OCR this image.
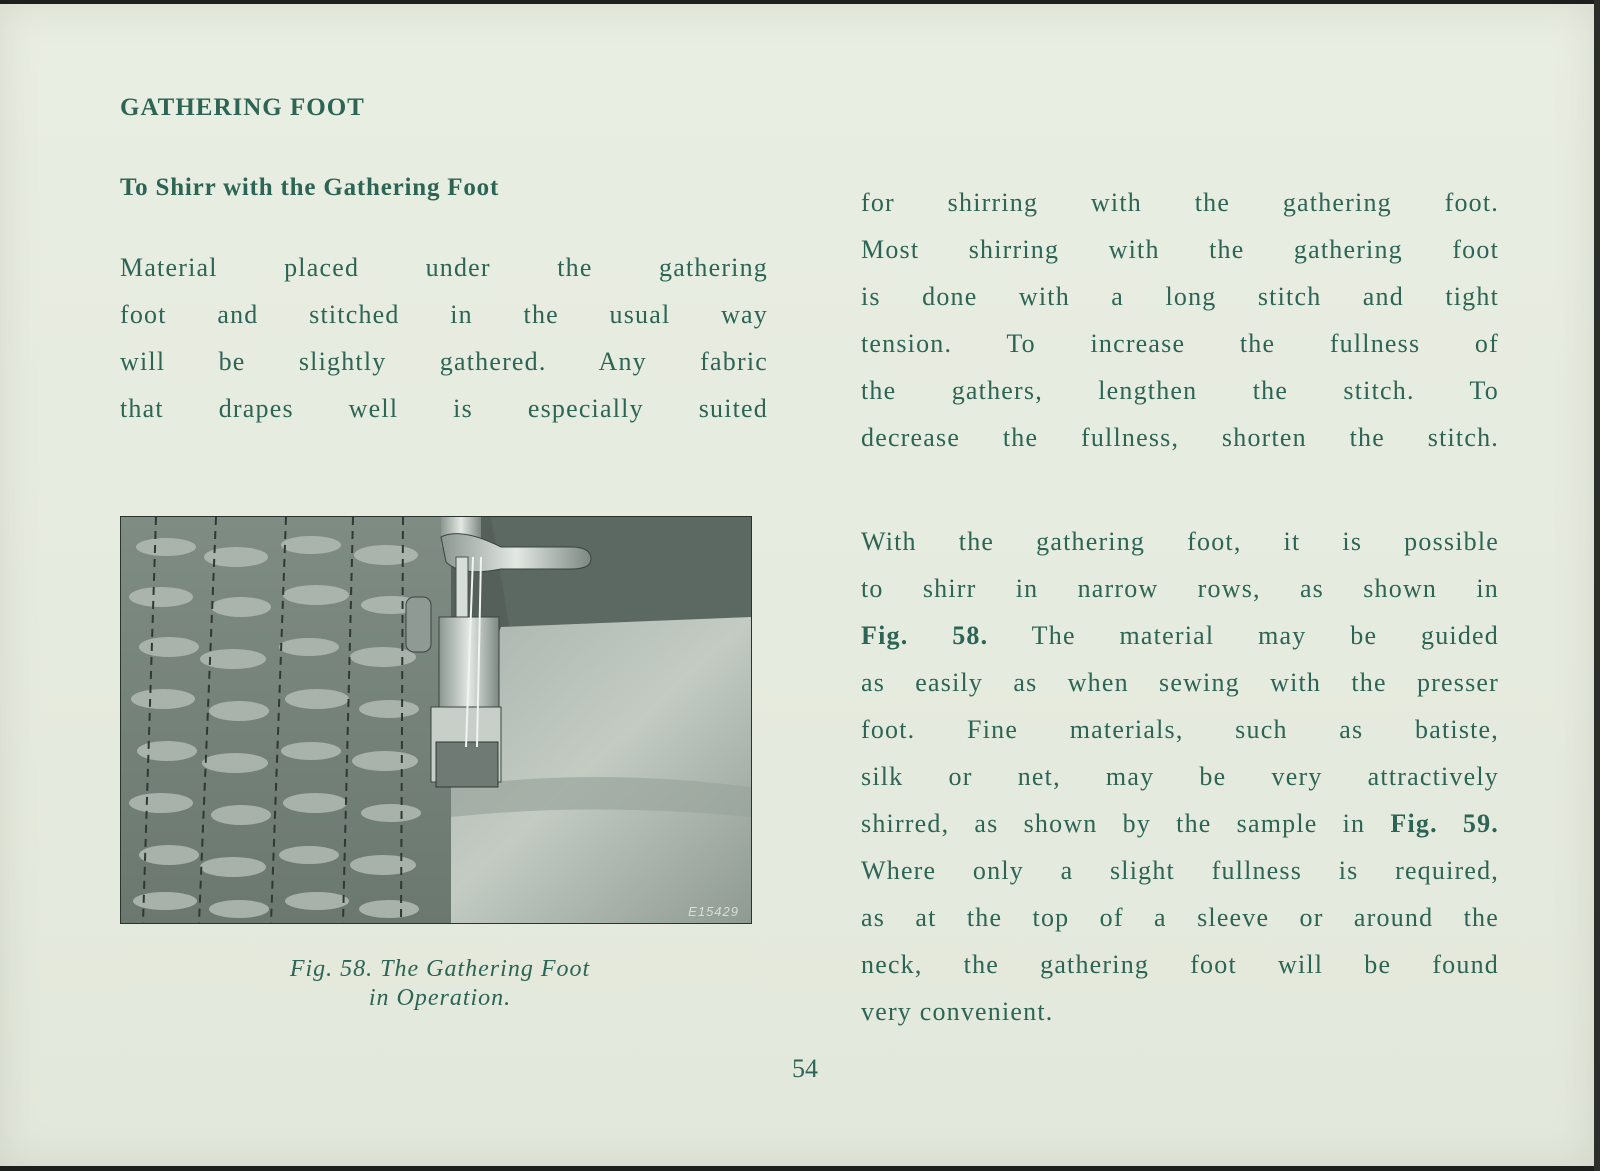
GATHERING FOOT
To Shirr with the Gathering Foot

Material placed under the gathering
foot and stitched in the usual way
will be slightly gathered. Any fabric
that drapes well is especially suited

E15429

Fig. 58. The Gathering Foot
in Operation.

for shirring with the gathering foot.
Most shirring with the gathering foot
is done with a long stitch and tight
tension. To increase the fullness of
the gathers, lengthen the stitch. To
decrease the fullness, shorten the stitch.

With the gathering foot, it is possible
to shirr in narrow rows, as shown in
Fig. 58. The material may be guided
as easily as when sewing with the presser
foot. Fine materials, such as batiste,
silk or net, may be very attractively
shirred, as shown by the sample in Fig. 59.
Where only a slight fullness is required,
as at the top of a sleeve or around the
neck, the gathering foot will be found
very convenient.

54
